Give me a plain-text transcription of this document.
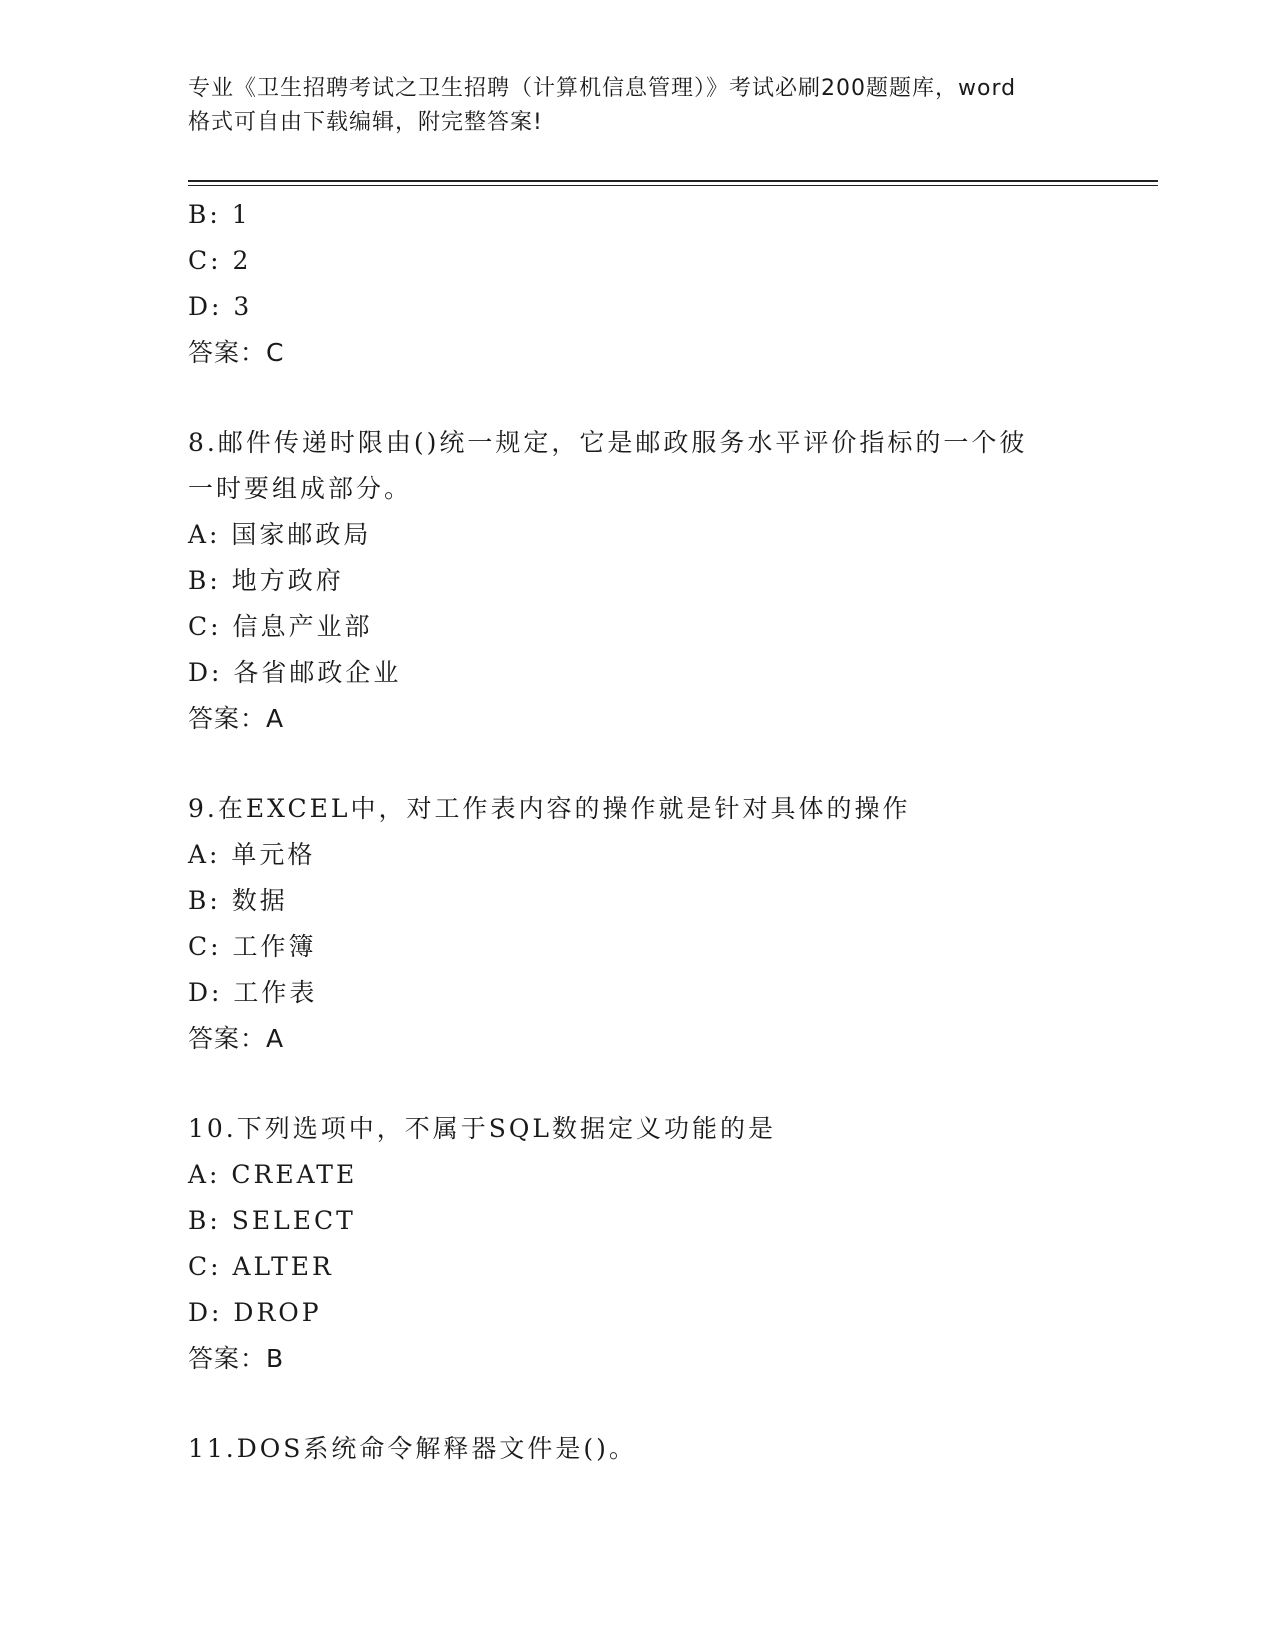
专业《卫生招聘考试之卫生招聘（计算机信息管理）》考试必刷200题题库，word
格式可自由下载编辑，附完整答案!
B: 1
C: 2
D: 3
答案：C
8.邮件传递时限由()统一规定，它是邮政服务水平评价指标的一个彼
一时要组成部分。
A: 国家邮政局
B: 地方政府
C: 信息产业部
D: 各省邮政企业
答案：A
9.在EXCEL中，对工作表内容的操作就是针对具体的操作
A: 单元格
B: 数据
C: 工作簿
D: 工作表
答案：A
10.下列选项中，不属于SQL数据定义功能的是
A: CREATE
B: SELECT
C: ALTER
D: DROP
答案：B
11.DOS系统命令解释器文件是()。
